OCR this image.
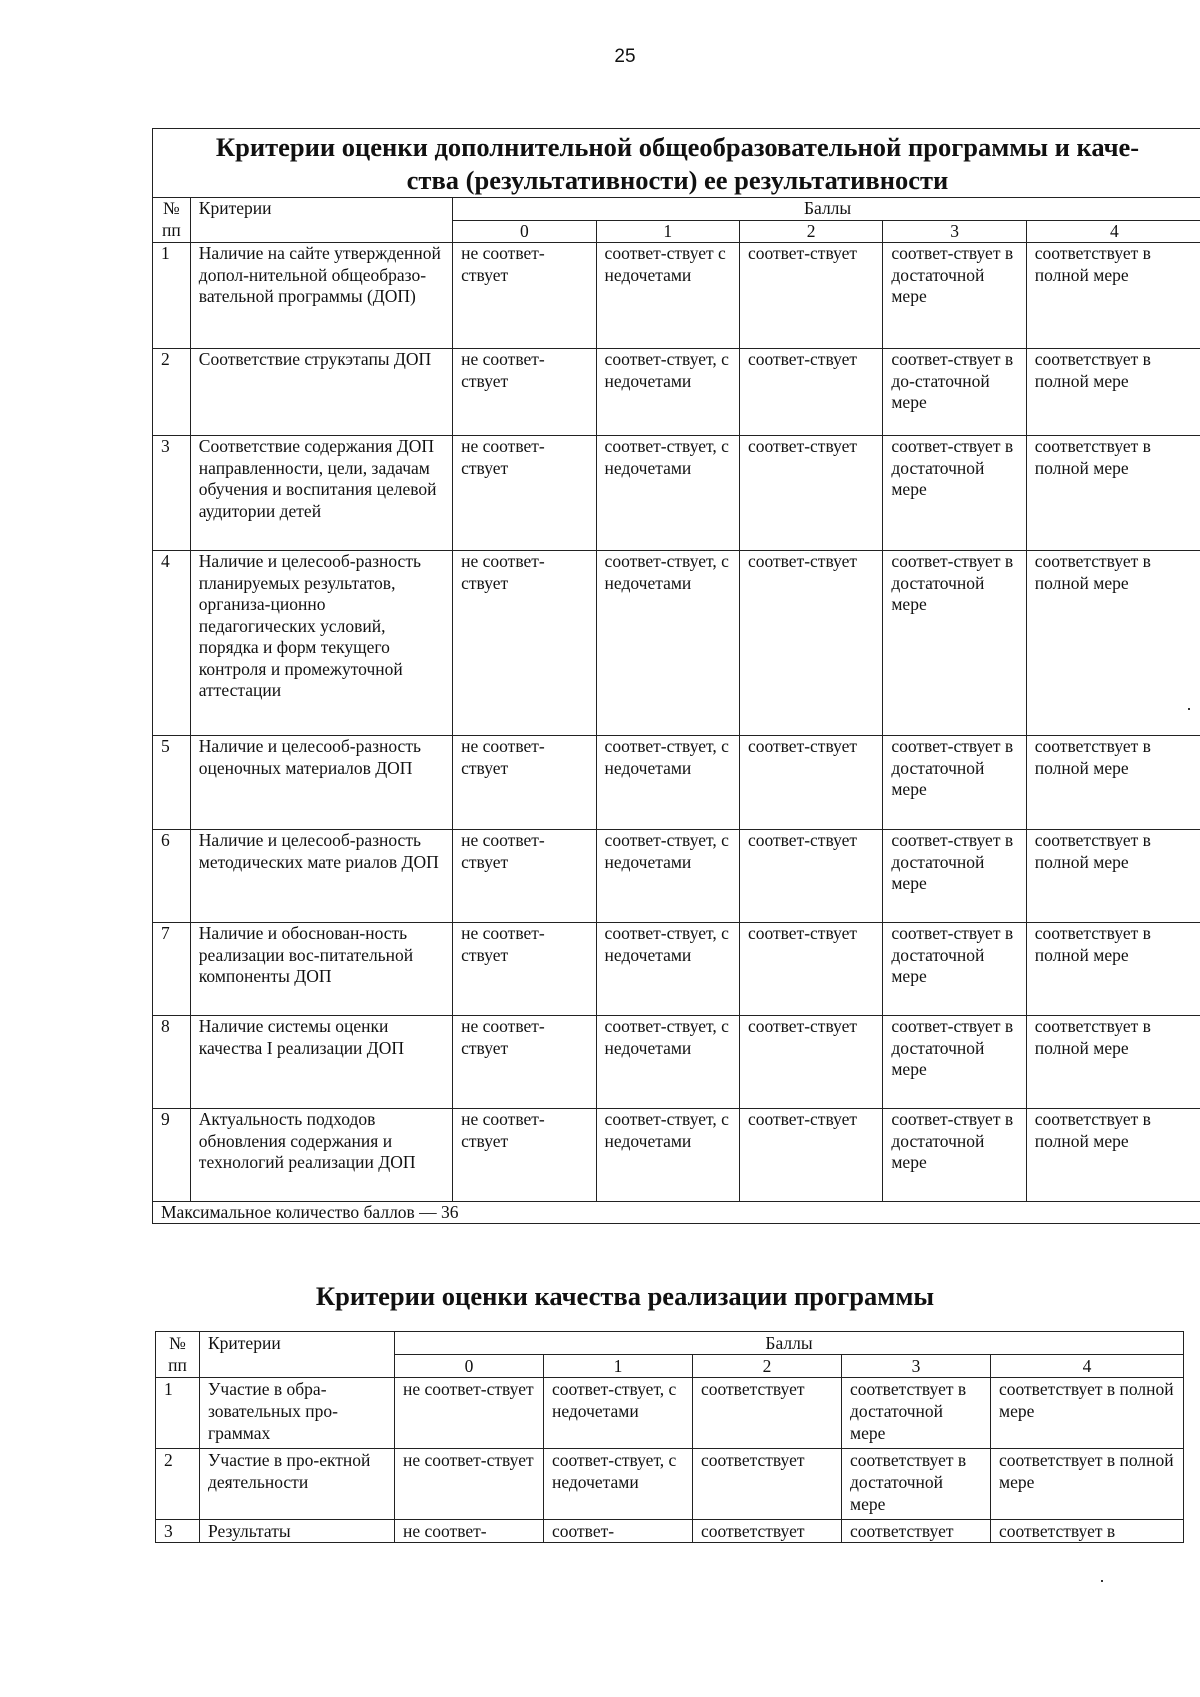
25
Критерии оценки дополнительной общеобразовательной программы и каче-
ства (результативности) ее результативности						

№
пп	Критерии	Баллы				
		0	1	2	3	4
1	Наличие на сайте утвержденной допол-нительной общеобразо-вательной программы (ДОП)	не соответ-ствует	соответ-ствует с недочетами	соответ-ствует	соответ-ствует в достаточной мере	соответствует в полной мере
2	Соответствие струкэтапы ДОП	не соответ-ствует	соответ-ствует, с недочетами	соответ-ствует	соответ-ствует в до-статочной мере	соответствует в полной мере
3	Соответствие содержания ДОП направленности, цели, задачам обучения и воспитания целевой аудитории детей	не соответ-ствует	соответ-ствует, с недочетами	соответ-ствует	соответ-ствует в достаточной мере	соответствует в полной мере
4	Наличие и целесооб-разность планируемых результатов, организа-ционно педагогических условий, порядка и форм текущего контроля и промежуточной аттестации	не соответ-ствует	соответ-ствует, с недочетами	соответ-ствует	соответ-ствует в достаточной мере	соответствует в полной мере
5	Наличие и целесооб-разность оценочных материалов ДОП	не соответ-ствует	соответ-ствует, с недочетами	соответ-ствует	соответ-ствует в достаточной мере	соответствует в полной мере
6	Наличие и целесооб-разность методических мате риалов ДОП	не соответ-ствует	соответ-ствует, с недочетами	соответ-ствует	соответ-ствует в достаточной мере	соответствует в полной мере
7	Наличие и обоснован-ность реализации вос-питательной компоненты ДОП	не соответ-ствует	соответ-ствует, с недочетами	соответ-ствует	соответ-ствует в достаточной мере	соответствует в полной мере
8	Наличие системы оценки качества І реализации ДОП	не соответ-ствует	соответ-ствует, с недочетами	соответ-ствует	соответ-ствует в достаточной мере	соответствует в полной мере
9	Актуальность подходов обновления содержания и технологий реализации ДОП	не соответ-ствует	соответ-ствует, с недочетами	соответ-ствует	соответ-ствует в достаточной мере	соответствует в полной мере
Максимальное количество баллов — 36						
Критерии оценки качества реализации программы
№
пп	Критерии	Баллы				
		0	1	2	3	4
1	Участие в обра-зовательных про-граммах	не соответ-ствует	соответ-ствует, с недочетами	соответствует	соответствует в достаточной мере	соответствует в полной мере
2	Участие в про-ектной деятельности	не соответ-ствует	соответ-ствует, с недочетами	соответствует	соответствует в достаточной мере	соответствует в полной мере
3	Результаты	не соответ-	соответ-	соответствует	соответствует	соответствует в
